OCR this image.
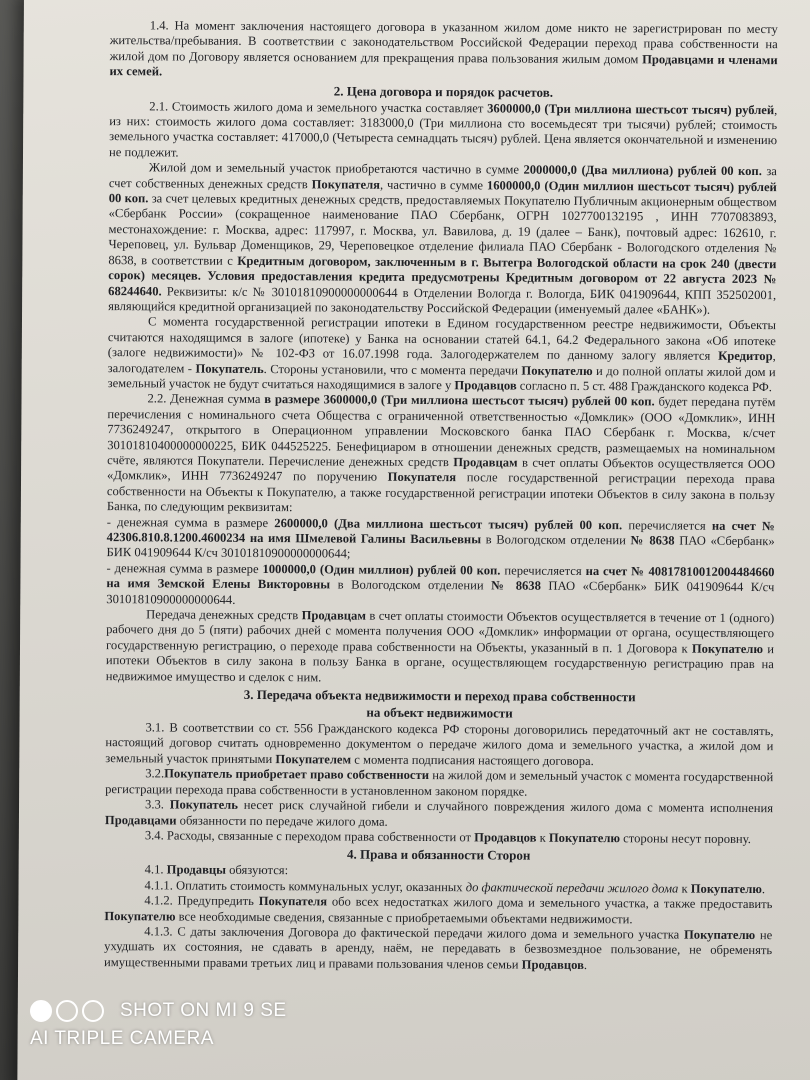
1.4. На момент заключения настоящего договора в указанном жилом доме никто не зарегистрирован по месту жительства/пребывания. В соответствии с законодательством Российской Федерации переход права собственности на жилой дом по Договору является основанием для прекращения права пользования жилым домом Продавцами и членами их семей.

2. Цена договора и порядок расчетов.

2.1. Стоимость жилого дома и земельного участка составляет 3600000,0 (Три миллиона шестьсот тысяч) рублей, из них: стоимость жилого дома составляет: 3183000,0 (Три миллиона сто восемьдесят три тысячи) рублей; стоимость земельного участка составляет: 417000,0 (Четыреста семнадцать тысяч) рублей. Цена является окончательной и изменению не подлежит.

Жилой дом и земельный участок приобретаются частично в сумме 2000000,0 (Два миллиона) рублей 00 коп. за счет собственных денежных средств Покупателя, частично в сумме 1600000,0 (Один миллион шестьсот тысяч) рублей 00 коп. за счет целевых кредитных денежных средств, предоставляемых Покупателю Публичным акционерным обществом «Сбербанк России» (сокращенное наименование ПАО Сбербанк, ОГРН 1027700132195 , ИНН 7707083893, местонахождение: г. Москва, адрес: 117997, г. Москва, ул. Вавилова, д. 19 (далее – Банк), почтовый адрес: 162610, г. Череповец, ул. Бульвар Доменщиков, 29, Череповецкое отделение филиала ПАО Сбербанк - Вологодского отделения № 8638, в соответствии с Кредитным договором, заключенным в г. Вытегра Вологодской области на срок 240 (двести сорок) месяцев. Условия предоставления кредита предусмотрены Кредитным договором от 22 августа 2023 № 68244640. Реквизиты: к/с № 30101810900000000644 в Отделении Вологда г. Вологда, БИК 041909644, КПП 352502001, являющийся кредитной организацией по законодательству Российской Федерации (именуемый далее «БАНК»).

С момента государственной регистрации ипотеки в Едином государственном реестре недвижимости, Объекты считаются находящимся в залоге (ипотеке) у Банка на основании статей 64.1, 64.2 Федерального закона «Об ипотеке (залоге недвижимости)» № 102-ФЗ от 16.07.1998 года. Залогодержателем по данному залогу является Кредитор, залогодателем - Покупатель. Стороны установили, что с момента передачи Покупателю и до полной оплаты жилой дом и земельный участок не будут считаться находящимися в залоге у Продавцов согласно п. 5 ст. 488 Гражданского кодекса РФ.

2.2. Денежная сумма в размере 3600000,0 (Три миллиона шестьсот тысяч) рублей 00 коп. будет передана путём перечисления с номинального счета Общества с ограниченной ответственностью «Домклик» (ООО «Домклик», ИНН 7736249247, открытого в Операционном управлении Московского банка ПАО Сбербанк г. Москва, к/счет 30101810400000000225, БИК 044525225. Бенефициаром в отношении денежных средств, размещаемых на номинальном счёте, являются Покупатели. Перечисление денежных средств Продавцам в счет оплаты Объектов осуществляется ООО «Домклик», ИНН 7736249247 по поручению Покупателя после государственной регистрации перехода права собственности на Объекты к Покупателю, а также государственной регистрации ипотеки Объектов в силу закона в пользу Банка, по следующим реквизитам:

- денежная сумма в размере 2600000,0 (Два миллиона шестьсот тысяч) рублей 00 коп. перечисляется на счет № 42306.810.8.1200.4600234 на имя Шмелевой Галины Васильевны в Вологодском отделении № 8638 ПАО «Сбербанк» БИК 041909644 К/сч 30101810900000000644;

- денежная сумма в размере 1000000,0 (Один миллион) рублей 00 коп. перечисляется на счет № 40817810012004484660 на имя Земской Елены Викторовны в Вологодском отделении № 8638 ПАО «Сбербанк» БИК 041909644 К/сч 30101810900000000644.

Передача денежных средств Продавцам в счет оплаты стоимости Объектов осуществляется в течение от 1 (одного) рабочего дня до 5 (пяти) рабочих дней с момента получения ООО «Домклик» информации от органа, осуществляющего государственную регистрацию, о переходе права собственности на Объекты, указанный в п. 1 Договора к Покупателю и ипотеки Объектов в силу закона в пользу Банка в органе, осуществляющем государственную регистрацию прав на недвижимое имущество и сделок с ним.

3. Передача объекта недвижимости и переход права собственности
на объект недвижимости

3.1. В соответствии со ст. 556 Гражданского кодекса РФ стороны договорились передаточный акт не составлять, настоящий договор считать одновременно документом о передаче жилого дома и земельного участка, а жилой дом и земельный участок принятыми Покупателем с момента подписания настоящего договора.

3.2.Покупатель приобретает право собственности на жилой дом и земельный участок с момента государственной регистрации перехода права собственности в установленном законом порядке.

3.3. Покупатель несет риск случайной гибели и случайного повреждения жилого дома с момента исполнения Продавцами обязанности по передаче жилого дома.

3.4. Расходы, связанные с переходом права собственности от Продавцов к Покупателю стороны несут поровну.

4. Права и обязанности Сторон

4.1. Продавцы обязуются:

4.1.1. Оплатить стоимость коммунальных услуг, оказанных до фактической передачи жилого дома к Покупателю.

4.1.2. Предупредить Покупателя обо всех недостатках жилого дома и земельного участка, а также предоставить Покупателю все необходимые сведения, связанные с приобретаемыми объектами недвижимости.

4.1.3. С даты заключения Договора до фактической передачи жилого дома и земельного участка Покупателю не ухудшать их состояния, не сдавать в аренду, наём, не передавать в безвозмездное пользование, не обременять имущественными правами третьих лиц и правами пользования членов семьи Продавцов.

SHOT ON MI 9 SE
AI TRIPLE CAMERA
